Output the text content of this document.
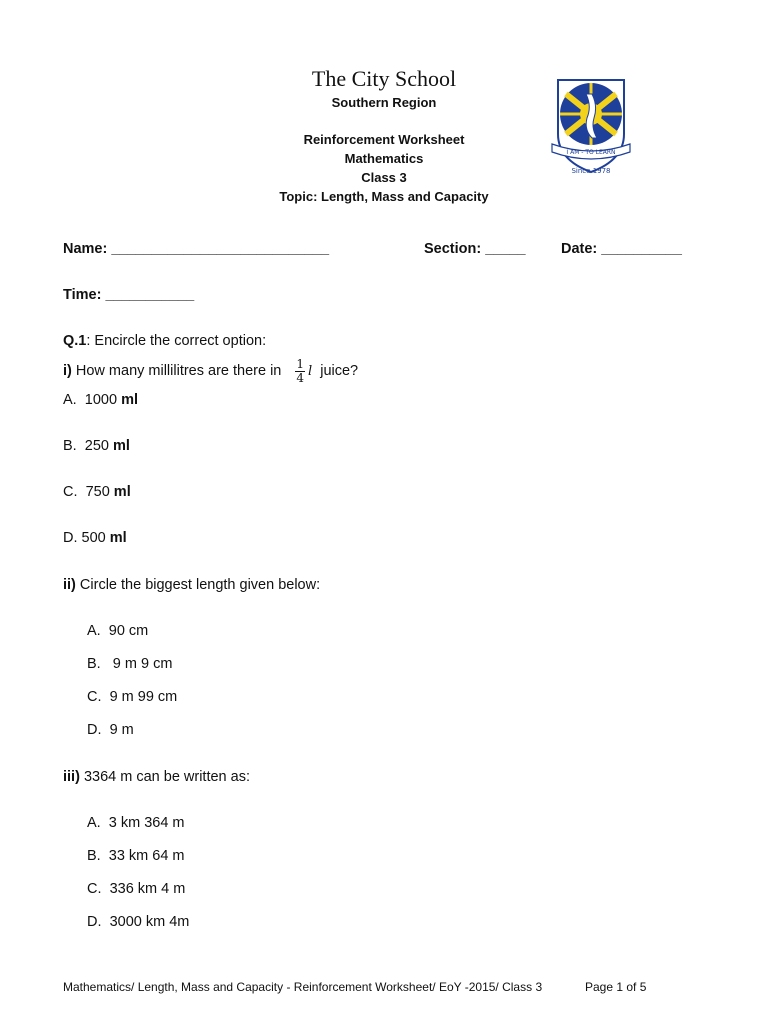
The City School
Southern Region
Reinforcement Worksheet
Mathematics
Class 3
Topic: Length, Mass and Capacity
I AM - TO LEARN
Since 1978
Name: ___________________________	Section: _____ Date: __________
Time: ___________
Q.1: Encircle the correct option:
i) How many millilitres are there in $\frac{1}{4}$ l juice?
A. 1000 ml
B. 250 ml
C. 750 ml
D. 500 ml
ii) Circle the biggest length given below:
A. 90 cm
B. 9 m 9 cm
C. 9 m 99 cm
D. 9 m
iii) 3364 m can be written as:
A. 3 km 364 m
B. 33 km 64 m
C. 336 km 4 m
D. 3000 km 4m
Mathematics/ Length, Mass and Capacity - Reinforcement Worksheet/ EoY -2015/ Class 3	Page 1 of 5
